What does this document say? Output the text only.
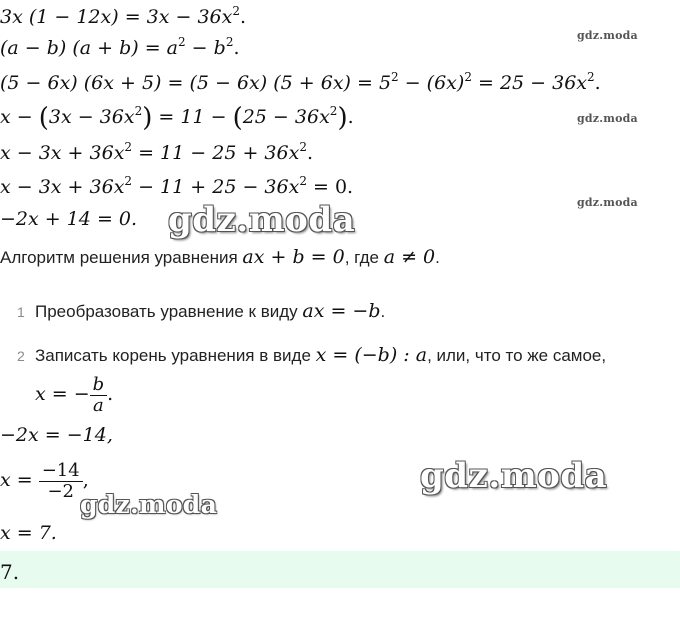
3x $(1 - 12x) = 3x - 36x^2$.
(a − b) $(a + b) = a^2 - b^2$.
(5 − 6x) (6x + 5) = (5 − 6x) $(5 + 6x) = 5^2 - (6x)^2 = 25 - 36x^2$.
$x - (3x - 36x^2) = 11 - (25 - 36x^2)$.
$x - 3x + 36x^2 = 11 - 25 + 36x^2$.
$x - 3x + 36x^2 - 11 + 25 - 36x^2 = 0$.
−2x + 14 = 0.
Алгоритм решения уравнения ax + b = 0, где a ≠ 0.
1 Преобразовать уравнение к виду ax = −b.
2 Записать корень уравнения в виде x = (−b) : a, или, что то же самое,
x = − $\frac{b}{a}$ .
−2x = −14,
$x = \frac{-14}{-2}$ ,
x = 7.
7.
gdz.moda
gdz.moda
gdz.moda
gdz.moda
gdz.moda
gdz.moda
